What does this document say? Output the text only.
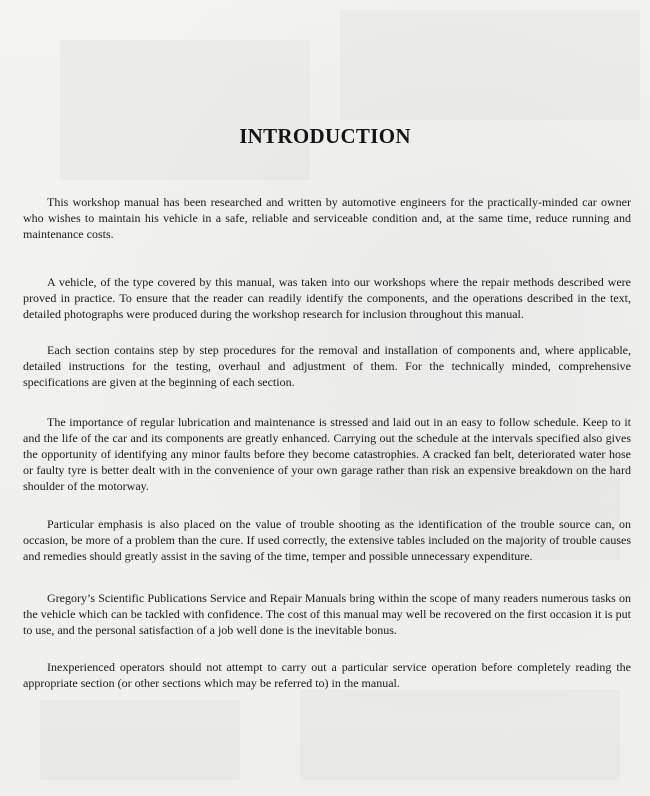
INTRODUCTION

This workshop manual has been researched and written by automotive engineers for the practically-minded car owner who wishes to maintain his vehicle in a safe, reliable and serviceable condition and, at the same time, reduce running and maintenance costs.

A vehicle, of the type covered by this manual, was taken into our workshops where the repair methods described were proved in practice. To ensure that the reader can readily identify the components, and the operations described in the text, detailed photographs were produced during the workshop research for inclusion throughout this manual.

Each section contains step by step procedures for the removal and installation of components and, where applicable, detailed instructions for the testing, overhaul and adjustment of them. For the technically minded, comprehensive specifications are given at the beginning of each section.

The importance of regular lubrication and maintenance is stressed and laid out in an easy to follow schedule. Keep to it and the life of the car and its components are greatly enhanced. Carrying out the schedule at the intervals specified also gives the opportunity of identifying any minor faults before they become catastrophies. A cracked fan belt, deteriorated water hose or faulty tyre is better dealt with in the convenience of your own garage rather than risk an expensive breakdown on the hard shoulder of the motorway.

Particular emphasis is also placed on the value of trouble shooting as the identification of the trouble source can, on occasion, be more of a problem than the cure. If used correctly, the extensive tables included on the majority of trouble causes and remedies should greatly assist in the saving of the time, temper and possible unnecessary expenditure.

Gregory’s Scientific Publications Service and Repair Manuals bring within the scope of many readers numerous tasks on the vehicle which can be tackled with confidence. The cost of this manual may well be recovered on the first occasion it is put to use, and the personal satisfaction of a job well done is the inevitable bonus.

Inexperienced operators should not attempt to carry out a particular service operation before completely reading the appropriate section (or other sections which may be referred to) in the manual.
